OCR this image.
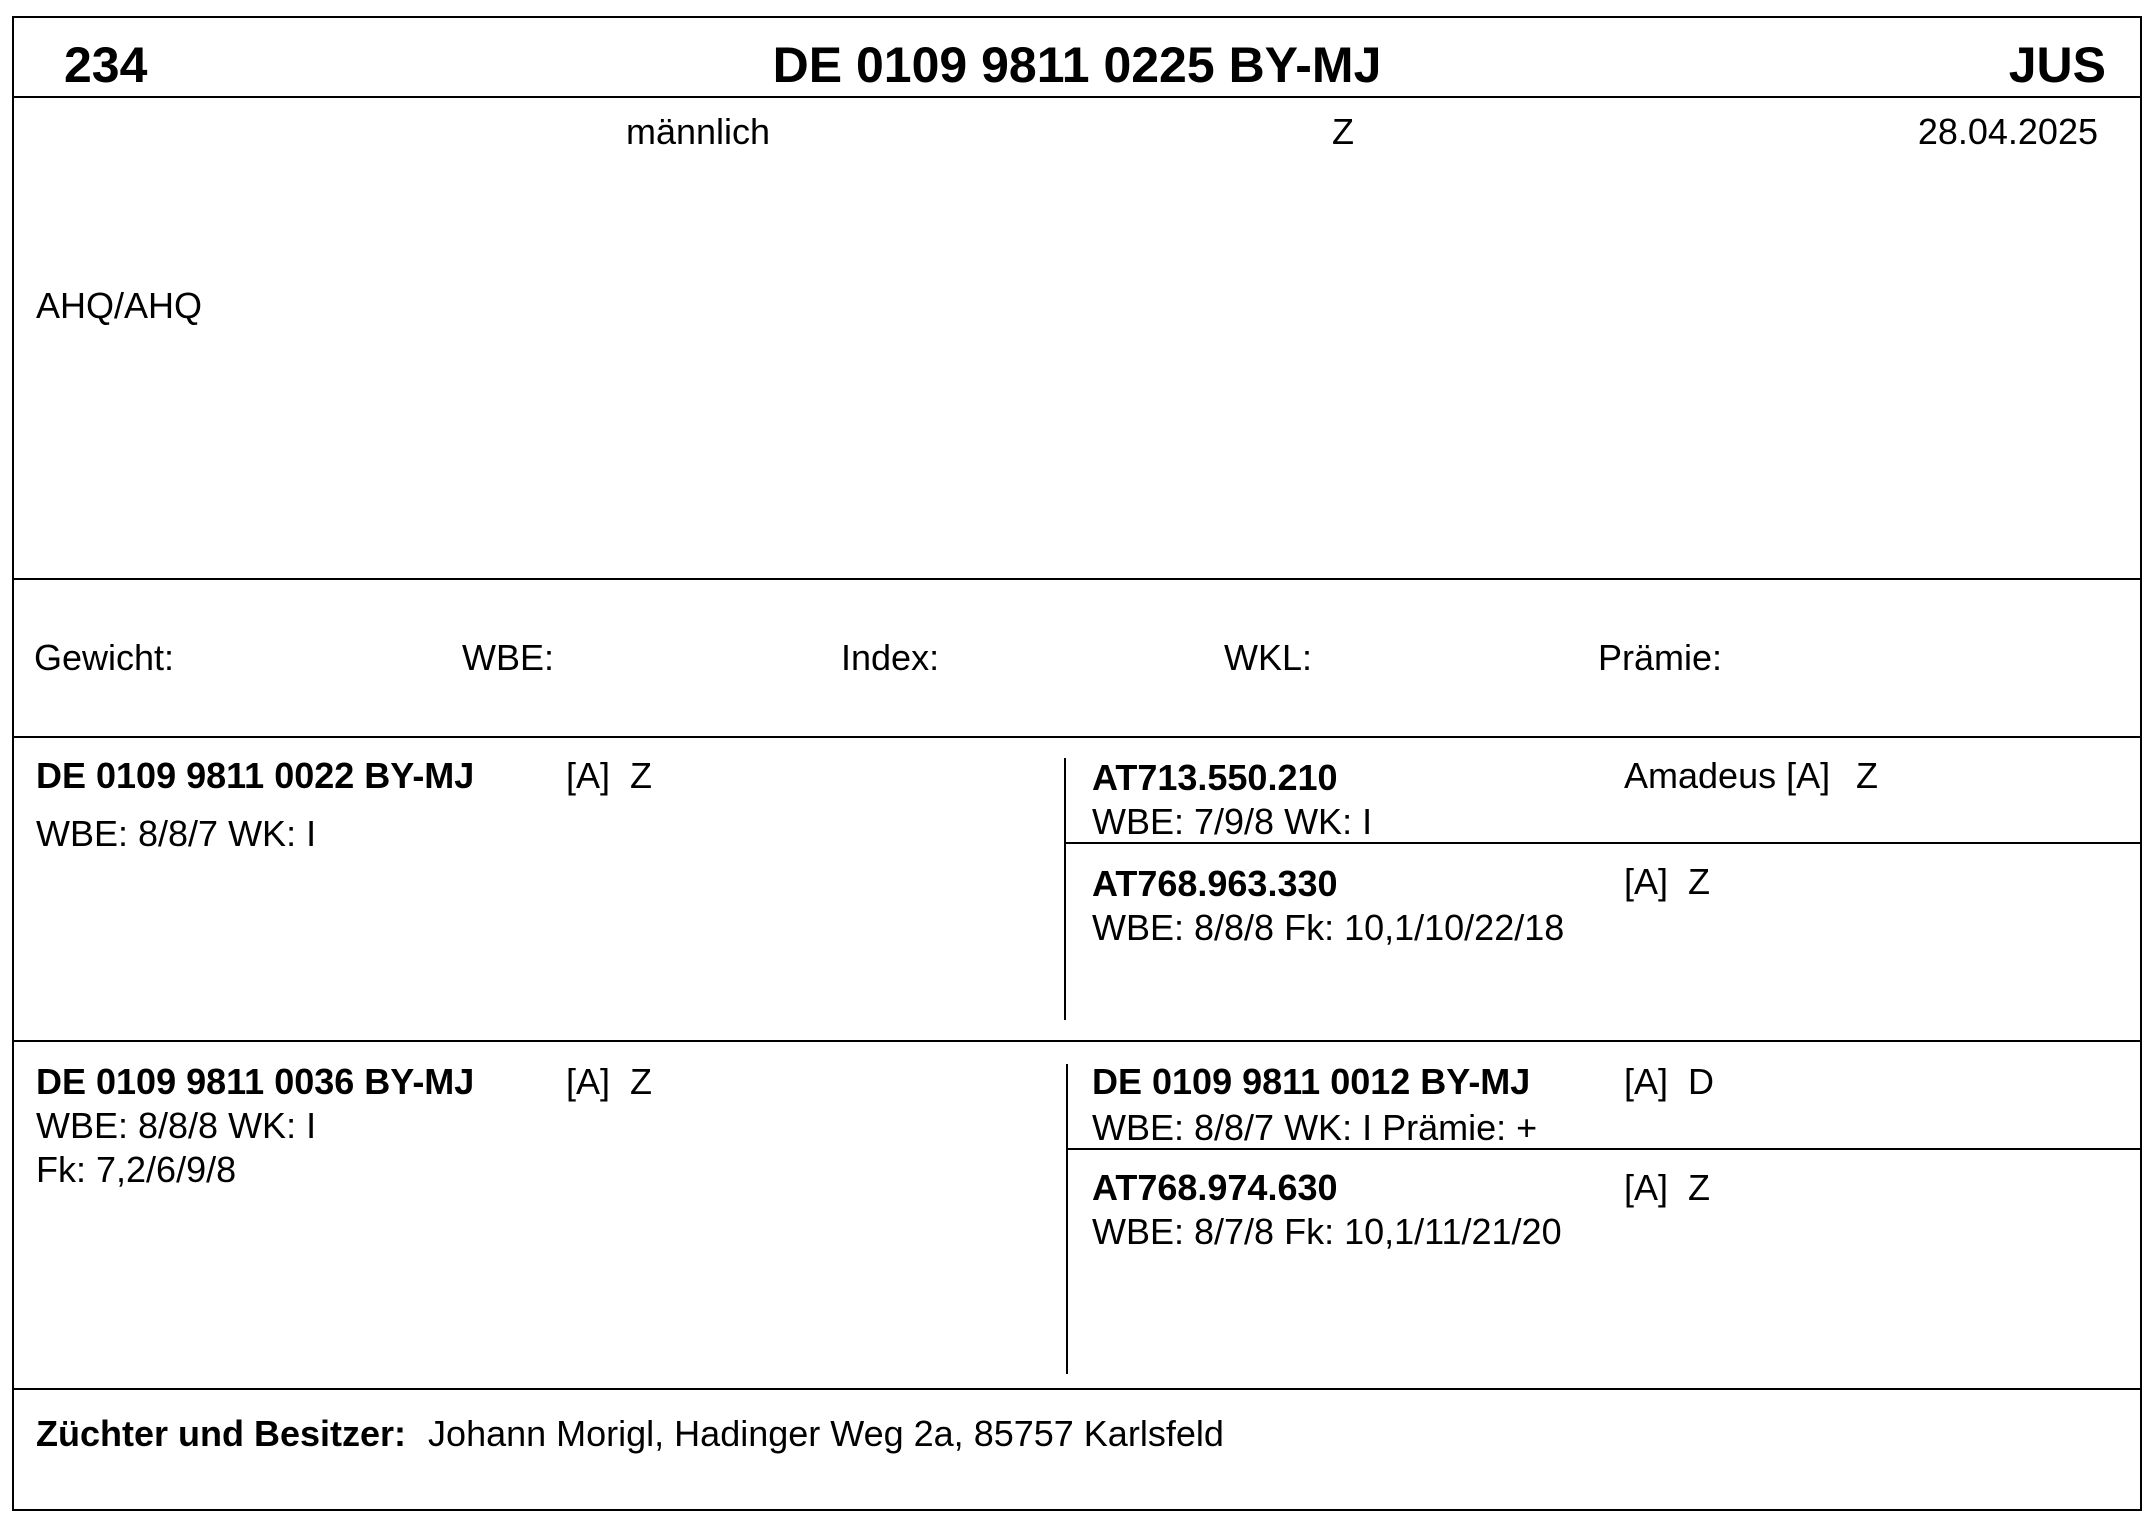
234	DE 0109 9811 0225 BY-MJ	JUS
männlich	Z	28.04.2025
AHQ/AHQ
Gewicht:	WBE:	Index:	WKL:	Prämie:
DE 0109 9811 0022 BY-MJ	[A] Z
WBE: 8/8/7 WK: I
AT713.550.210	Amadeus [A] Z
WBE: 7/9/8 WK: I
AT768.963.330	[A] Z
WBE: 8/8/8 Fk: 10,1/10/22/18
DE 0109 9811 0036 BY-MJ	[A] Z
WBE: 8/8/8 WK: I
Fk: 7,2/6/9/8
DE 0109 9811 0012 BY-MJ	[A] D
WBE: 8/8/7 WK: I Prämie: +
AT768.974.630	[A] Z
WBE: 8/7/8 Fk: 10,1/11/21/20
Züchter und Besitzer: Johann Morigl, Hadinger Weg 2a, 85757 Karlsfeld
